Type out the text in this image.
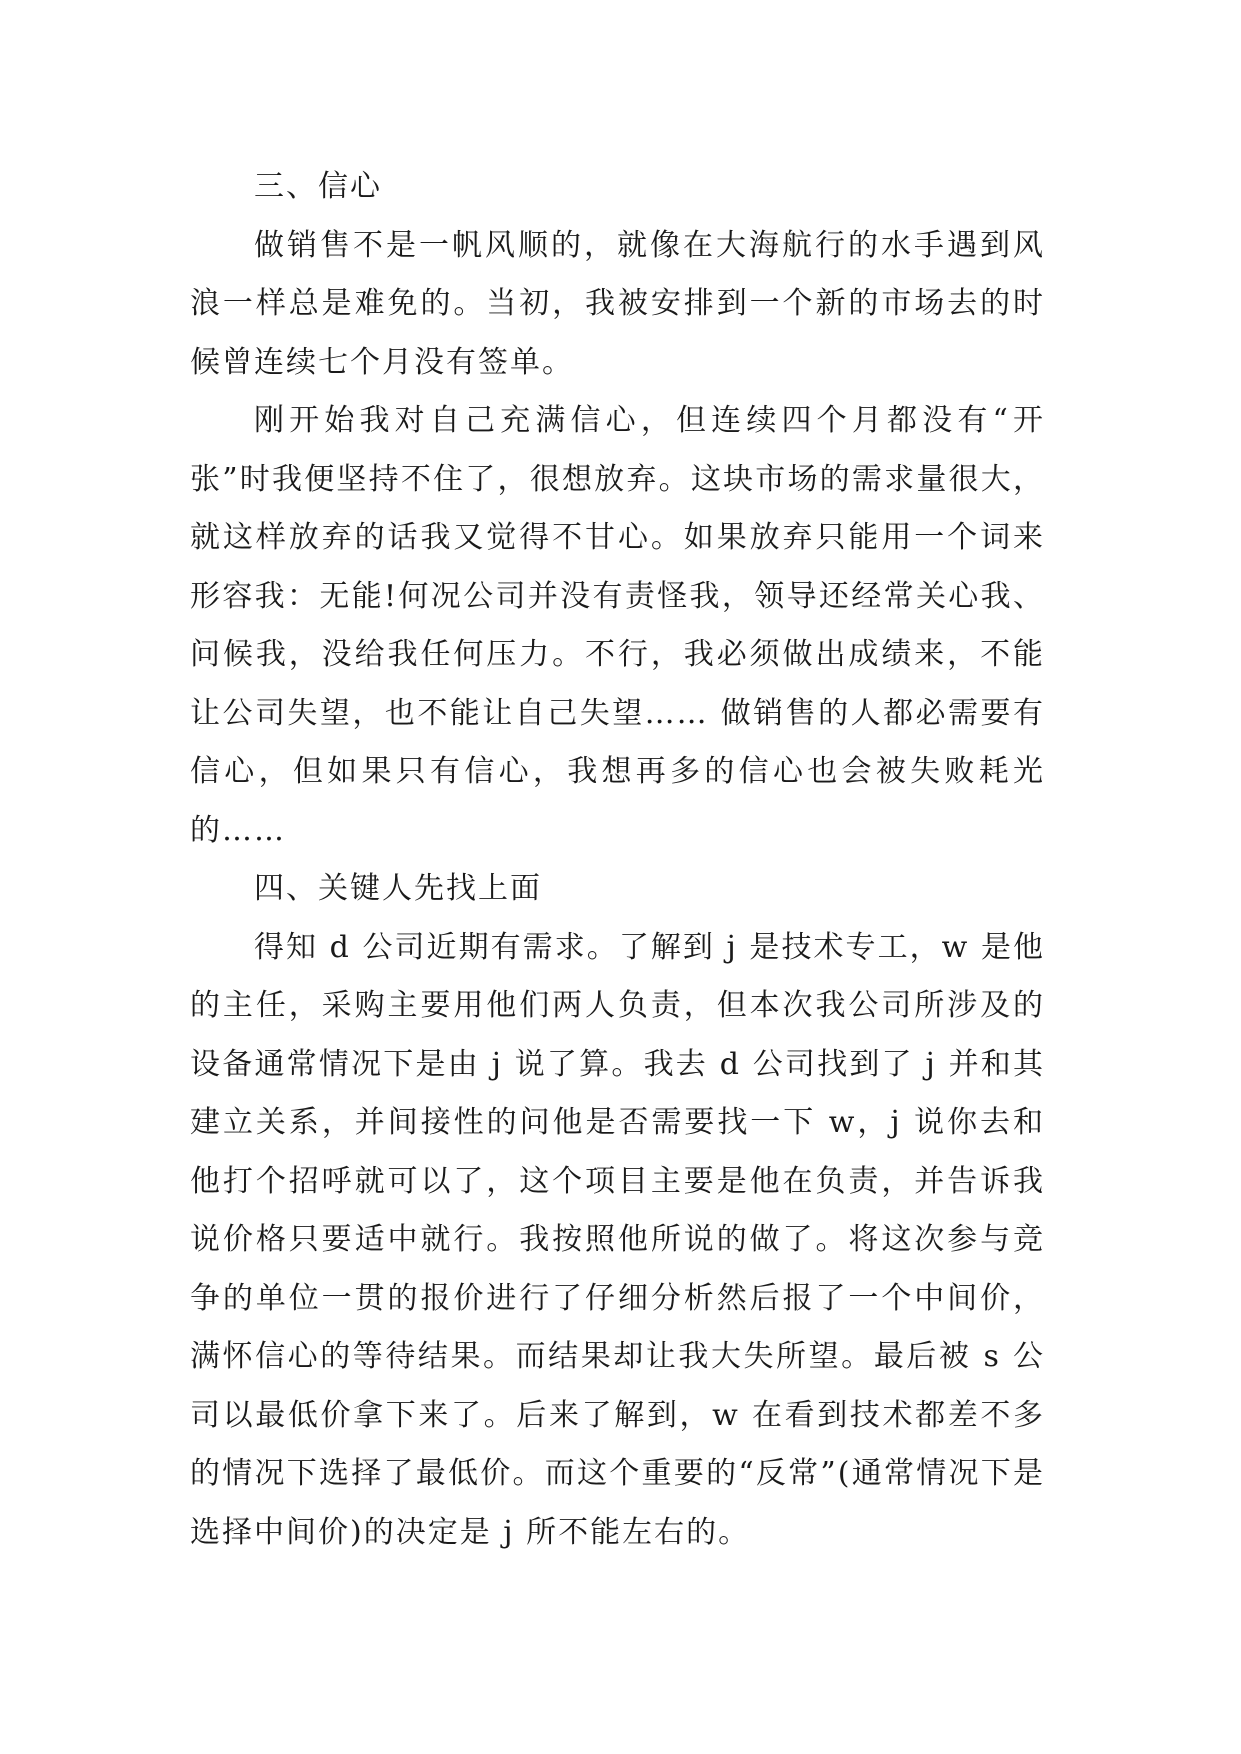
三、信心

做销售不是一帆风顺的，就像在大海航行的水手遇到风浪一样总是难免的。当初，我被安排到一个新的市场去的时候曾连续七个月没有签单。

刚开始我对自己充满信心，但连续四个月都没有“开张”时我便坚持不住了，很想放弃。这块市场的需求量很大，就这样放弃的话我又觉得不甘心。如果放弃只能用一个词来形容我：无能!何况公司并没有责怪我，领导还经常关心我、问候我，没给我任何压力。不行，我必须做出成绩来，不能让公司失望，也不能让自己失望…… 做销售的人都必需要有信心，但如果只有信心，我想再多的信心也会被失败耗光的……

四、关键人先找上面

得知 d 公司近期有需求。了解到 j 是技术专工，w 是他的主任，采购主要用他们两人负责，但本次我公司所涉及的设备通常情况下是由 j 说了算。我去 d 公司找到了 j 并和其建立关系，并间接性的问他是否需要找一下 w，j 说你去和他打个招呼就可以了，这个项目主要是他在负责，并告诉我说价格只要适中就行。我按照他所说的做了。将这次参与竞争的单位一贯的报价进行了仔细分析然后报了一个中间价，满怀信心的等待结果。而结果却让我大失所望。最后被 s 公司以最低价拿下来了。后来了解到，w 在看到技术都差不多的情况下选择了最低价。而这个重要的“反常”(通常情况下是选择中间价)的决定是 j 所不能左右的。
